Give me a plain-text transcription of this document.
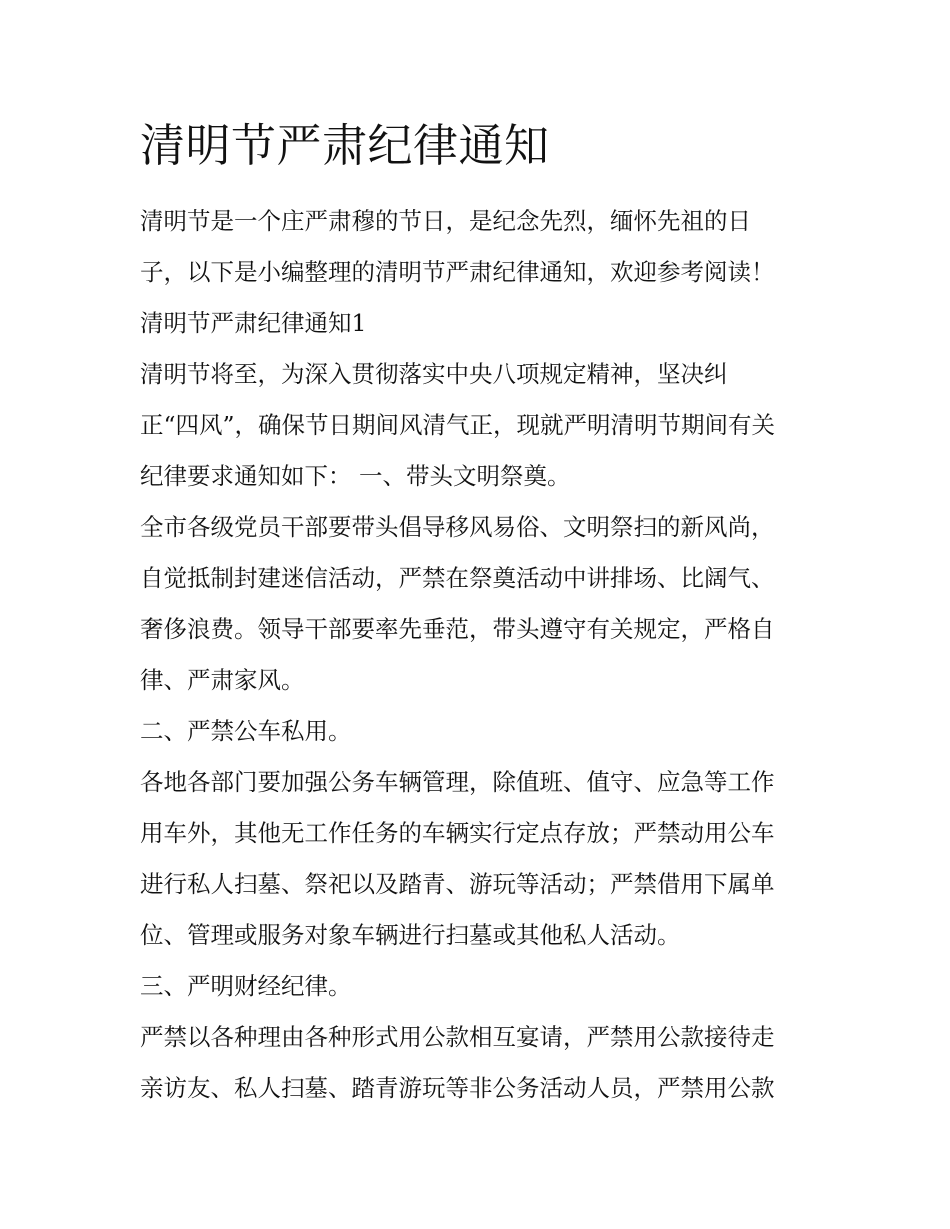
清明节严肃纪律通知
清明节是一个庄严肃穆的节日，是纪念先烈，缅怀先祖的日
子，以下是小编整理的清明节严肃纪律通知，欢迎参考阅读！
清明节严肃纪律通知1
清明节将至，为深入贯彻落实中央八项规定精神，坚决纠
正“四风”，确保节日期间风清气正，现就严明清明节期间有关
纪律要求通知如下： 一、带头文明祭奠。
全市各级党员干部要带头倡导移风易俗、文明祭扫的新风尚，
自觉抵制封建迷信活动，严禁在祭奠活动中讲排场、比阔气、
奢侈浪费。领导干部要率先垂范，带头遵守有关规定，严格自
律、严肃家风。
二、严禁公车私用。
各地各部门要加强公务车辆管理，除值班、值守、应急等工作
用车外，其他无工作任务的车辆实行定点存放；严禁动用公车
进行私人扫墓、祭祀以及踏青、游玩等活动；严禁借用下属单
位、管理或服务对象车辆进行扫墓或其他私人活动。
三、严明财经纪律。
严禁以各种理由各种形式用公款相互宴请，严禁用公款接待走
亲访友、私人扫墓、踏青游玩等非公务活动人员，严禁用公款
